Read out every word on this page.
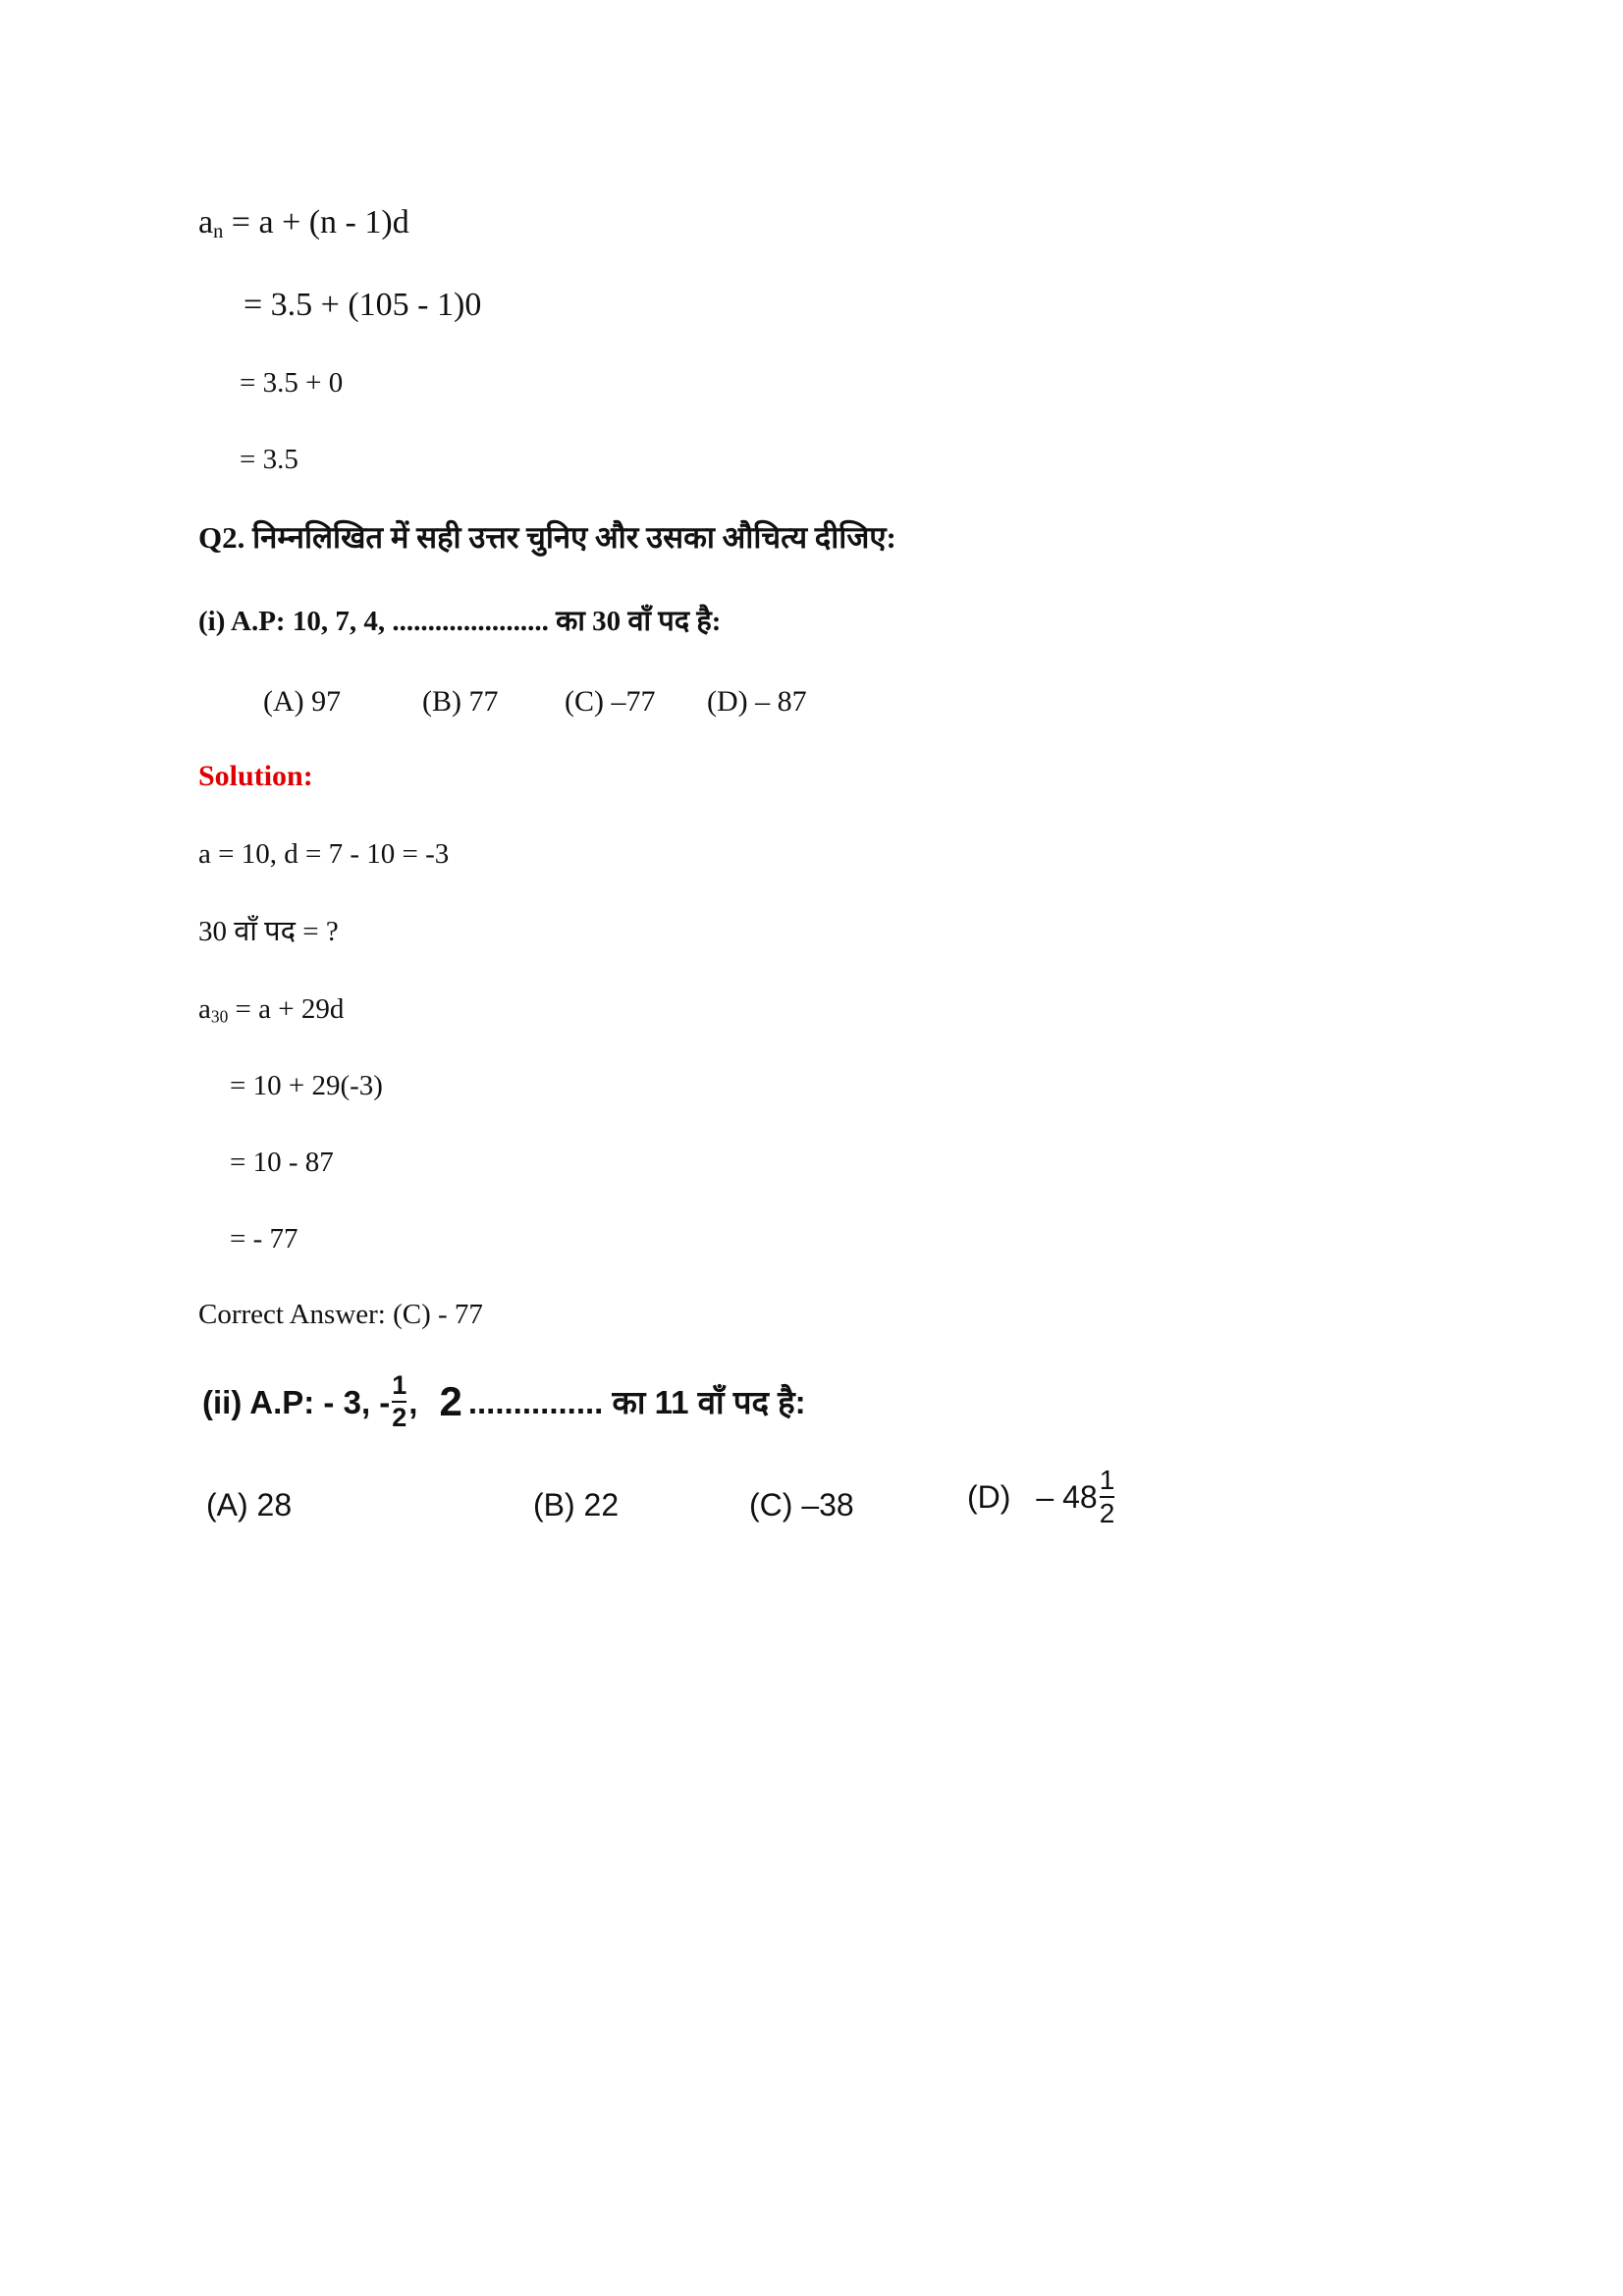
$a_n = a + (n - 1)d$
= 3.5 + (105 - 1)0
= 3.5 + 0
= 3.5
Q2. निम्नलिखित में सही उत्तर चुनिए और उसका औचित्य दीजिए:
(i) A.P: 10, 7, 4, ...................... का 30 वाँ पद है:
(A) 97	(B) 77	(C) –77	(D) – 87
Solution:
a = 10, d = 7 - 10 = -3
30 वाँ पद = ?
$a_{30} = a + 29d$
= 10 + 29(-3)
= 10 - 87
= - 77
Correct Answer: (C) - 77
(ii) A.P: - 3, - $\frac{1}{2}$ , 2 ............... का 11 वाँ पद है:
(A) 28	(B) 22	(C) –38	$(D) - 48 \frac{1}{2}$
